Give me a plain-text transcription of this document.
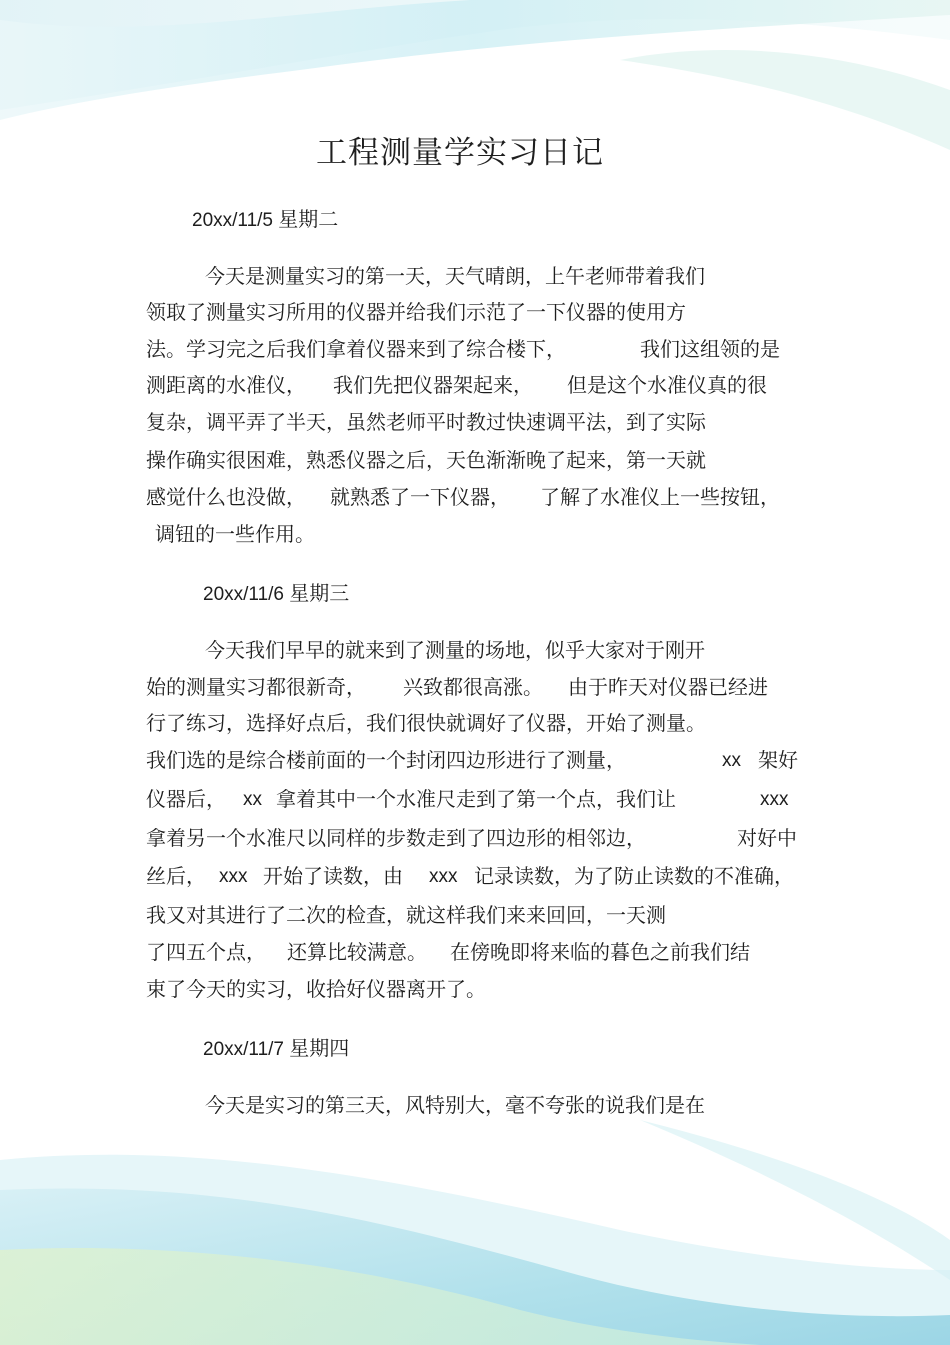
工程测量学实习日记
20xx/11/5 星期二
今天是测量实习的第一天，天气晴朗，上午老师带着我们
领取了测量实习所用的仪器并给我们示范了一下仪器的使用方
法。学习完之后我们拿着仪器来到了综合楼下，	我们这组领的是
测距离的水准仪， 我们先把仪器架起来， 但是这个水准仪真的很
复杂，调平弄了半天，虽然老师平时教过快速调平法，到了实际
操作确实很困难，熟悉仪器之后，天色渐渐晚了起来，第一天就
感觉什么也没做， 就熟悉了一下仪器， 了解了水准仪上一些按钮，
调钮的一些作用。
20xx/11/6 星期三
今天我们早早的就来到了测量的场地，似乎大家对于刚开
始的测量实习都很新奇， 兴致都很高涨。 由于昨天对仪器已经进
行了练习，选择好点后，我们很快就调好了仪器，开始了测量。
我们选的是综合楼前面的一个封闭四边形进行了测量，	xx 架好
仪器后， xx 拿着其中一个水准尺走到了第一个点，我们让	xxx
拿着另一个水准尺以同样的步数走到了四边形的相邻边，	对好中
丝后， xxx 开始了读数，由 xxx 记录读数，为了防止读数的不准确，
我又对其进行了二次的检查，就这样我们来来回回，一天测
了四五个点， 还算比较满意。 在傍晚即将来临的暮色之前我们结
束了今天的实习，收拾好仪器离开了。
20xx/11/7 星期四
今天是实习的第三天，风特别大，毫不夸张的说我们是在
